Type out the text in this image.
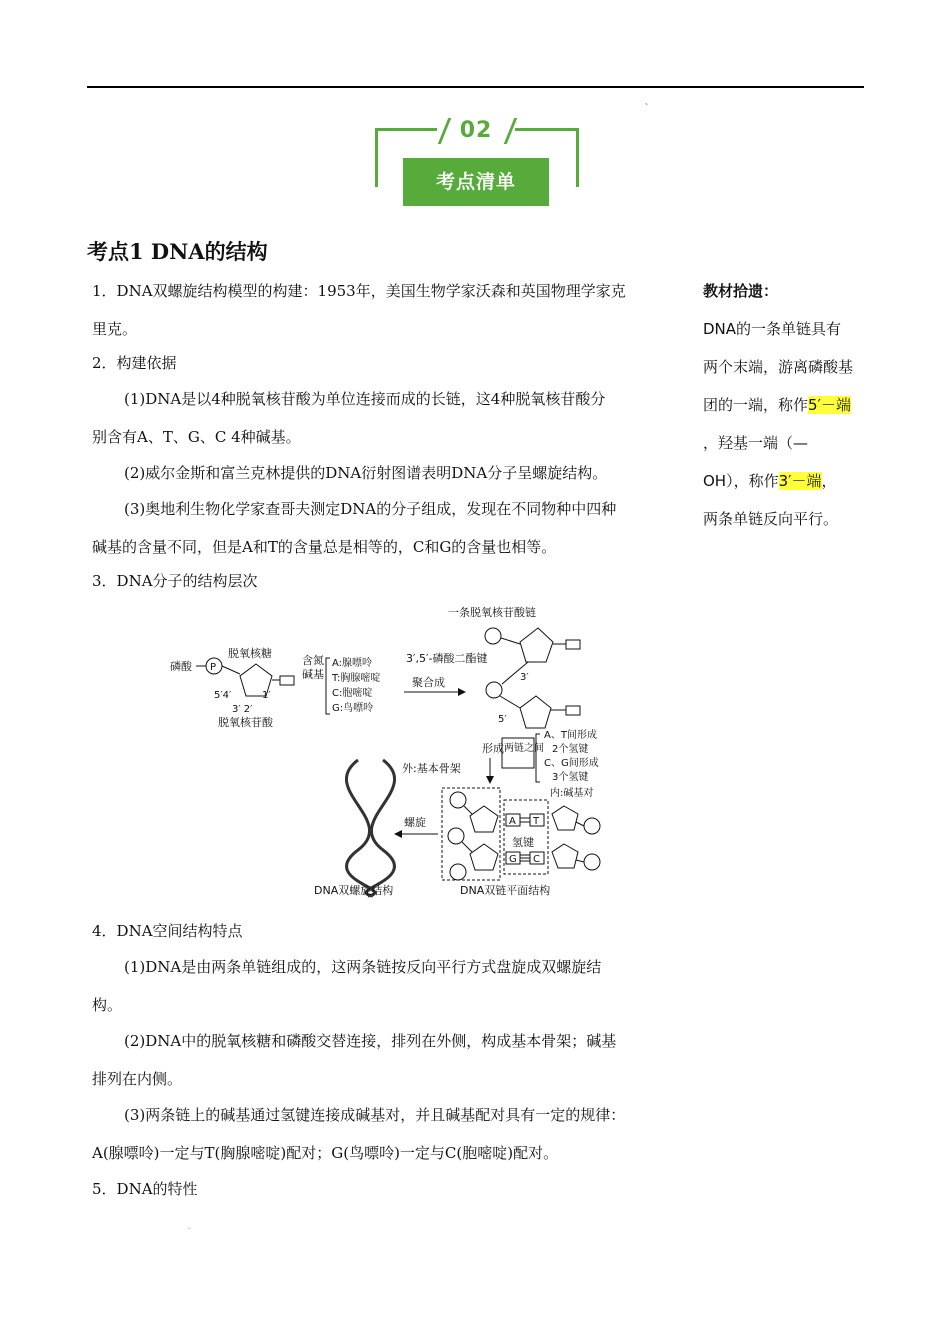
、
02
考点清单
考点1 DNA的结构
1．DNA双螺旋结构模型的构建：1953年，美国生物学家沃森和英国物理学家克
里克。
2．构建依据
(1)DNA是以4种脱氧核苷酸为单位连接而成的长链，这4种脱氧核苷酸分
别含有A、T、G、C 4种碱基。
(2)威尔金斯和富兰克林提供的DNA衍射图谱表明DNA分子呈螺旋结构。
(3)奥地利生物化学家查哥夫测定DNA的分子组成，发现在不同物种中四种
碱基的含量不同，但是A和T的含量总是相等的，C和G的含量也相等。
3．DNA分子的结构层次
教材拾遗：
DNA的一条单链具有
两个末端，游离磷酸基
团的一端，称作5′－端
，羟基一端（—
OH），称作3′－端，
两条单链反向平行。
磷酸 P
脱氧核糖
5′4′	1′
3′ 2′
脱氧核苷酸
含氮
碱基
A:腺嘌呤
T:胸腺嘧啶
C:胞嘧啶
G:鸟嘌呤
聚合成
一条脱氧核苷酸链
3′,5′-磷酸二酯键
3′
5′
形成 两链之间
A、T间形成
2个氢键
C、G间形成
3个氢键
外:基本骨架
内:碱基对
A T
氢键
G C
螺旋
DNA双螺旋结构	DNA双链平面结构
4．DNA空间结构特点
(1)DNA是由两条单链组成的，这两条链按反向平行方式盘旋成双螺旋结
构。
(2)DNA中的脱氧核糖和磷酸交替连接，排列在外侧，构成基本骨架；碱基
排列在内侧。
(3)两条链上的碱基通过氢键连接成碱基对，并且碱基配对具有一定的规律：
A(腺嘌呤)一定与T(胸腺嘧啶)配对；G(鸟嘌呤)一定与C(胞嘧啶)配对。
5．DNA的特性
.
